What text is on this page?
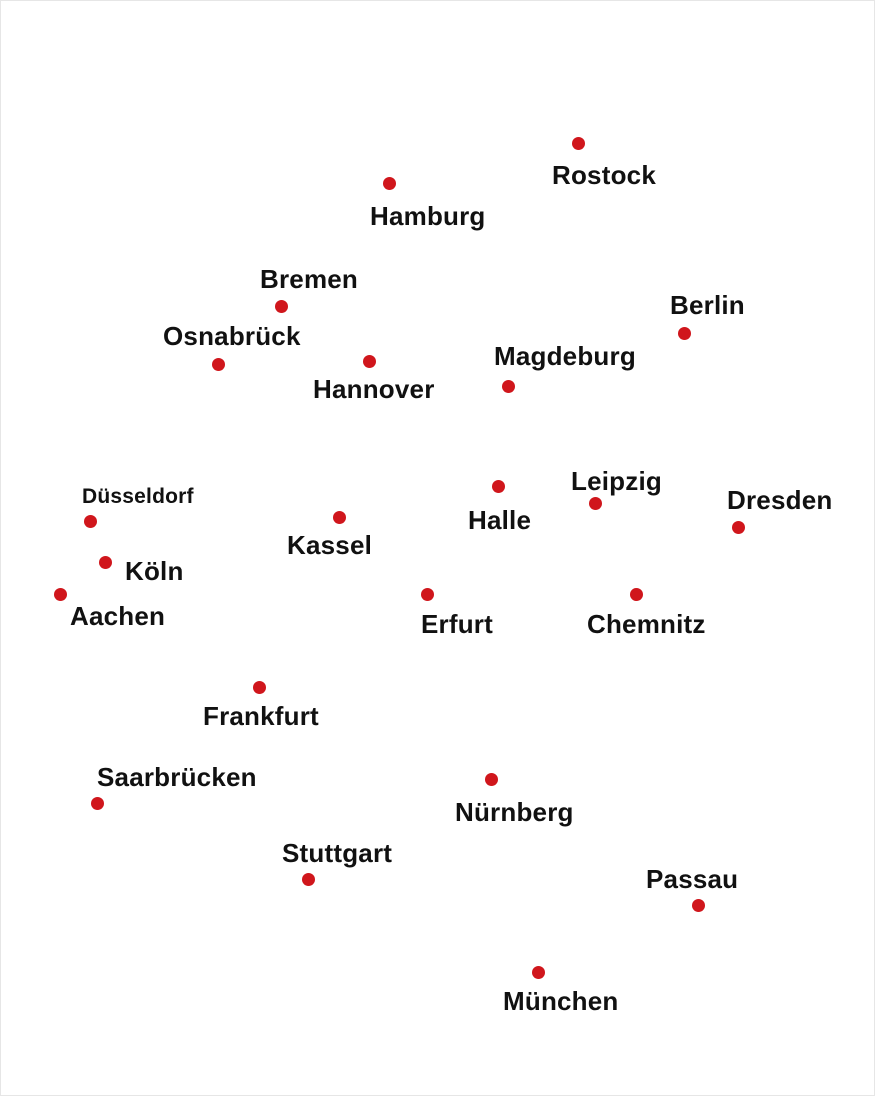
Rostock
Hamburg
Bremen
Berlin
Osnabrück
Hannover
Magdeburg
Düsseldorf
Kassel
Halle
Leipzig
Dresden
Köln
Aachen	Erfurt	Chemnitz
Frankfurt
Saarbrücken
Nürnberg
Stuttgart
Passau
München
